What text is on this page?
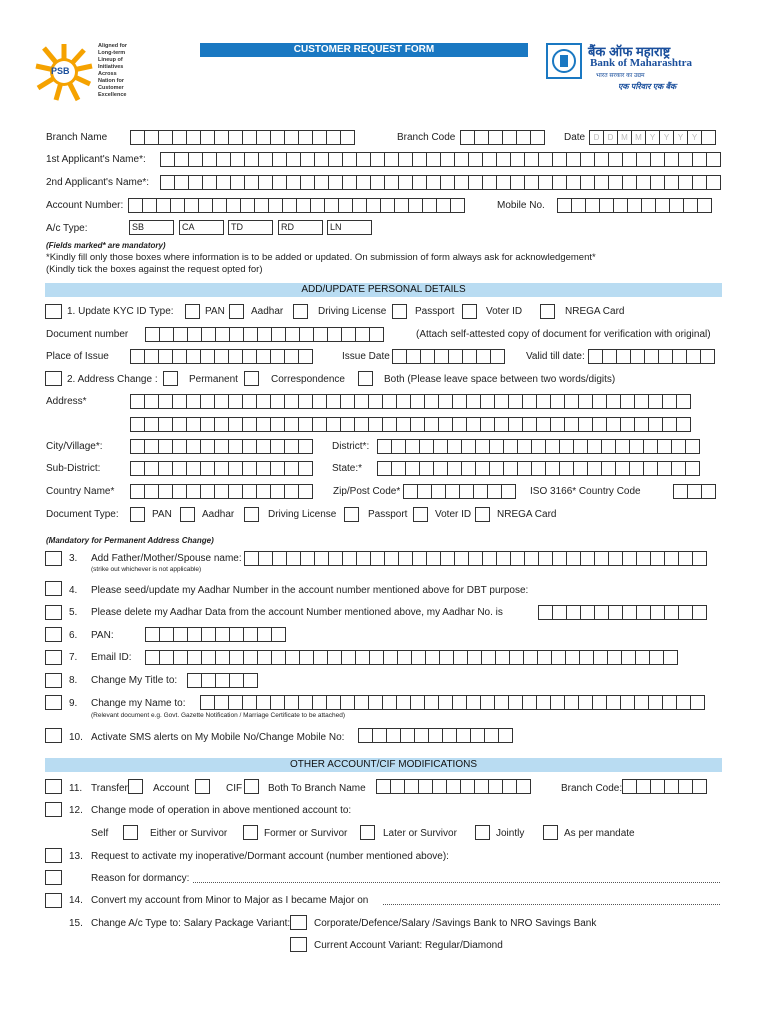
PSB
Aligned for
Long-term
Lineup of
Initiatives
Across
Nation for
Customer
Excellence
CUSTOMER REQUEST FORM	बैंक ऑफ महाराष्ट्र
Bank of Maharashtra
भारत सरकार का उद्यम
एक परिवार एक बैंक
Branch Name	Branch Code	Date	D	D M M	Y	Y	Y	Y
1st Applicant's Name*:
2nd Applicant's Name*:
Account Number:	Mobile No.
A/c Type:	SB	CA	TD	RD	LN
(Fields marked* are mandatory)
*Kindly fill only those boxes where information is to be added or updated. On submission of form always ask for acknowledgement*
(Kindly tick the boxes against the request opted for)
ADD/UPDATE PERSONAL DETAILS
1. Update KYC ID Type:	PAN	Aadhar	Driving License	Passport	Voter ID	NREGA Card
Document number	(Attach self-attested copy of document for verification with original)
Place of Issue	Issue Date	Valid till date:
2. Address Change :	Permanent	Correspondence	Both (Please leave space between two words/digits)
Address*
City/Village*:	District*:
Sub-District:	State:*
Country Name*	Zip/Post Code*	ISO 3166* Country Code
Document Type:	PAN	Aadhar	Driving License	Passport	Voter ID	NREGA Card
(Mandatory for Permanent Address Change)
3. Add Father/Mother/Spouse name:
(strike out whichever is not applicable)
4. Please seed/update my Aadhar Number in the account number mentioned above for DBT purpose:
5. Please delete my Aadhar Data from the account Number mentioned above, my Aadhar No. is
6. PAN:
7. Email ID:
8. Change My Title to:
9. Change my Name to:
(Relevant document e.g. Govt. Gazette Notification / Marriage Certificate to be attached)
10. Activate SMS alerts on My Mobile No/Change Mobile No:
OTHER ACCOUNT/CIF MODIFICATIONS
11. Transfer	Account	CIF	Both To Branch Name	Branch Code:
12. Change mode of operation in above mentioned account to:
Self	Either or Survivor	Former or Survivor	Later or Survivor	Jointly	As per mandate
13. Request to activate my inoperative/Dormant account (number mentioned above):
Reason for dormancy:
14. Convert my account from Minor to Major as I became Major on
15. Change A/c Type to: Salary Package Variant: Corporate/Defence/Salary /Savings Bank to NRO Savings Bank
Current Account Variant: Regular/Diamond
